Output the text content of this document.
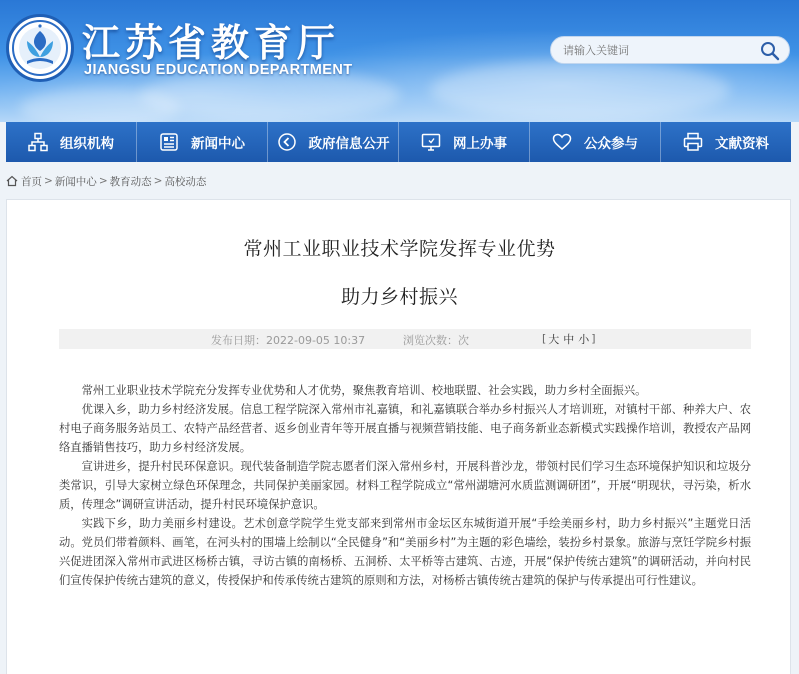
江苏省教育厅
JIANGSU EDUCATION DEPARTMENT
请输入关键词
组织机构	新闻中心	政府信息公开	网上办事	公众参与	文献资料
首页 > 新闻中心 > 教育动态 > 高校动态
常州工业职业技术学院发挥专业优势
助力乡村振兴
发布日期：2022-09-05 10:37	浏览次数：次	[ 大 中 小 ]

常州工业职业技术学院充分发挥专业优势和人才优势，聚焦教育培训、校地联盟、社会实践，助力乡村全面振兴。

优课入乡，助力乡村经济发展。信息工程学院深入常州市礼嘉镇，和礼嘉镇联合举办乡村振兴人才培训班，对镇村干部、种养大户、农村电子商务服务站员工、农特产品经营者、返乡创业青年等开展直播与视频营销技能、电子商务新业态新模式实践操作培训，教授农产品网络直播销售技巧，助力乡村经济发展。

宣讲进乡，提升村民环保意识。现代装备制造学院志愿者们深入常州乡村，开展科普沙龙，带领村民们学习生态环境保护知识和垃圾分类常识，引导大家树立绿色环保理念，共同保护美丽家园。材料工程学院成立“常州湖塘河水质监测调研团”，开展“明现状，寻污染，析水质，传理念”调研宣讲活动，提升村民环境保护意识。

实践下乡，助力美丽乡村建设。艺术创意学院学生党支部来到常州市金坛区东城街道开展“手绘美丽乡村，助力乡村振兴”主题党日活动。党员们带着颜料、画笔，在河头村的围墙上绘制以“全民健身”和“美丽乡村”为主题的彩色墙绘，装扮乡村景象。旅游与烹饪学院乡村振兴促进团深入常州市武进区杨桥古镇，寻访古镇的南杨桥、五洞桥、太平桥等古建筑、古迹，开展“保护传统古建筑”的调研活动，并向村民们宣传保护传统古建筑的意义，传授保护和传承传统古建筑的原则和方法，对杨桥古镇传统古建筑的保护与传承提出可行性建议。
